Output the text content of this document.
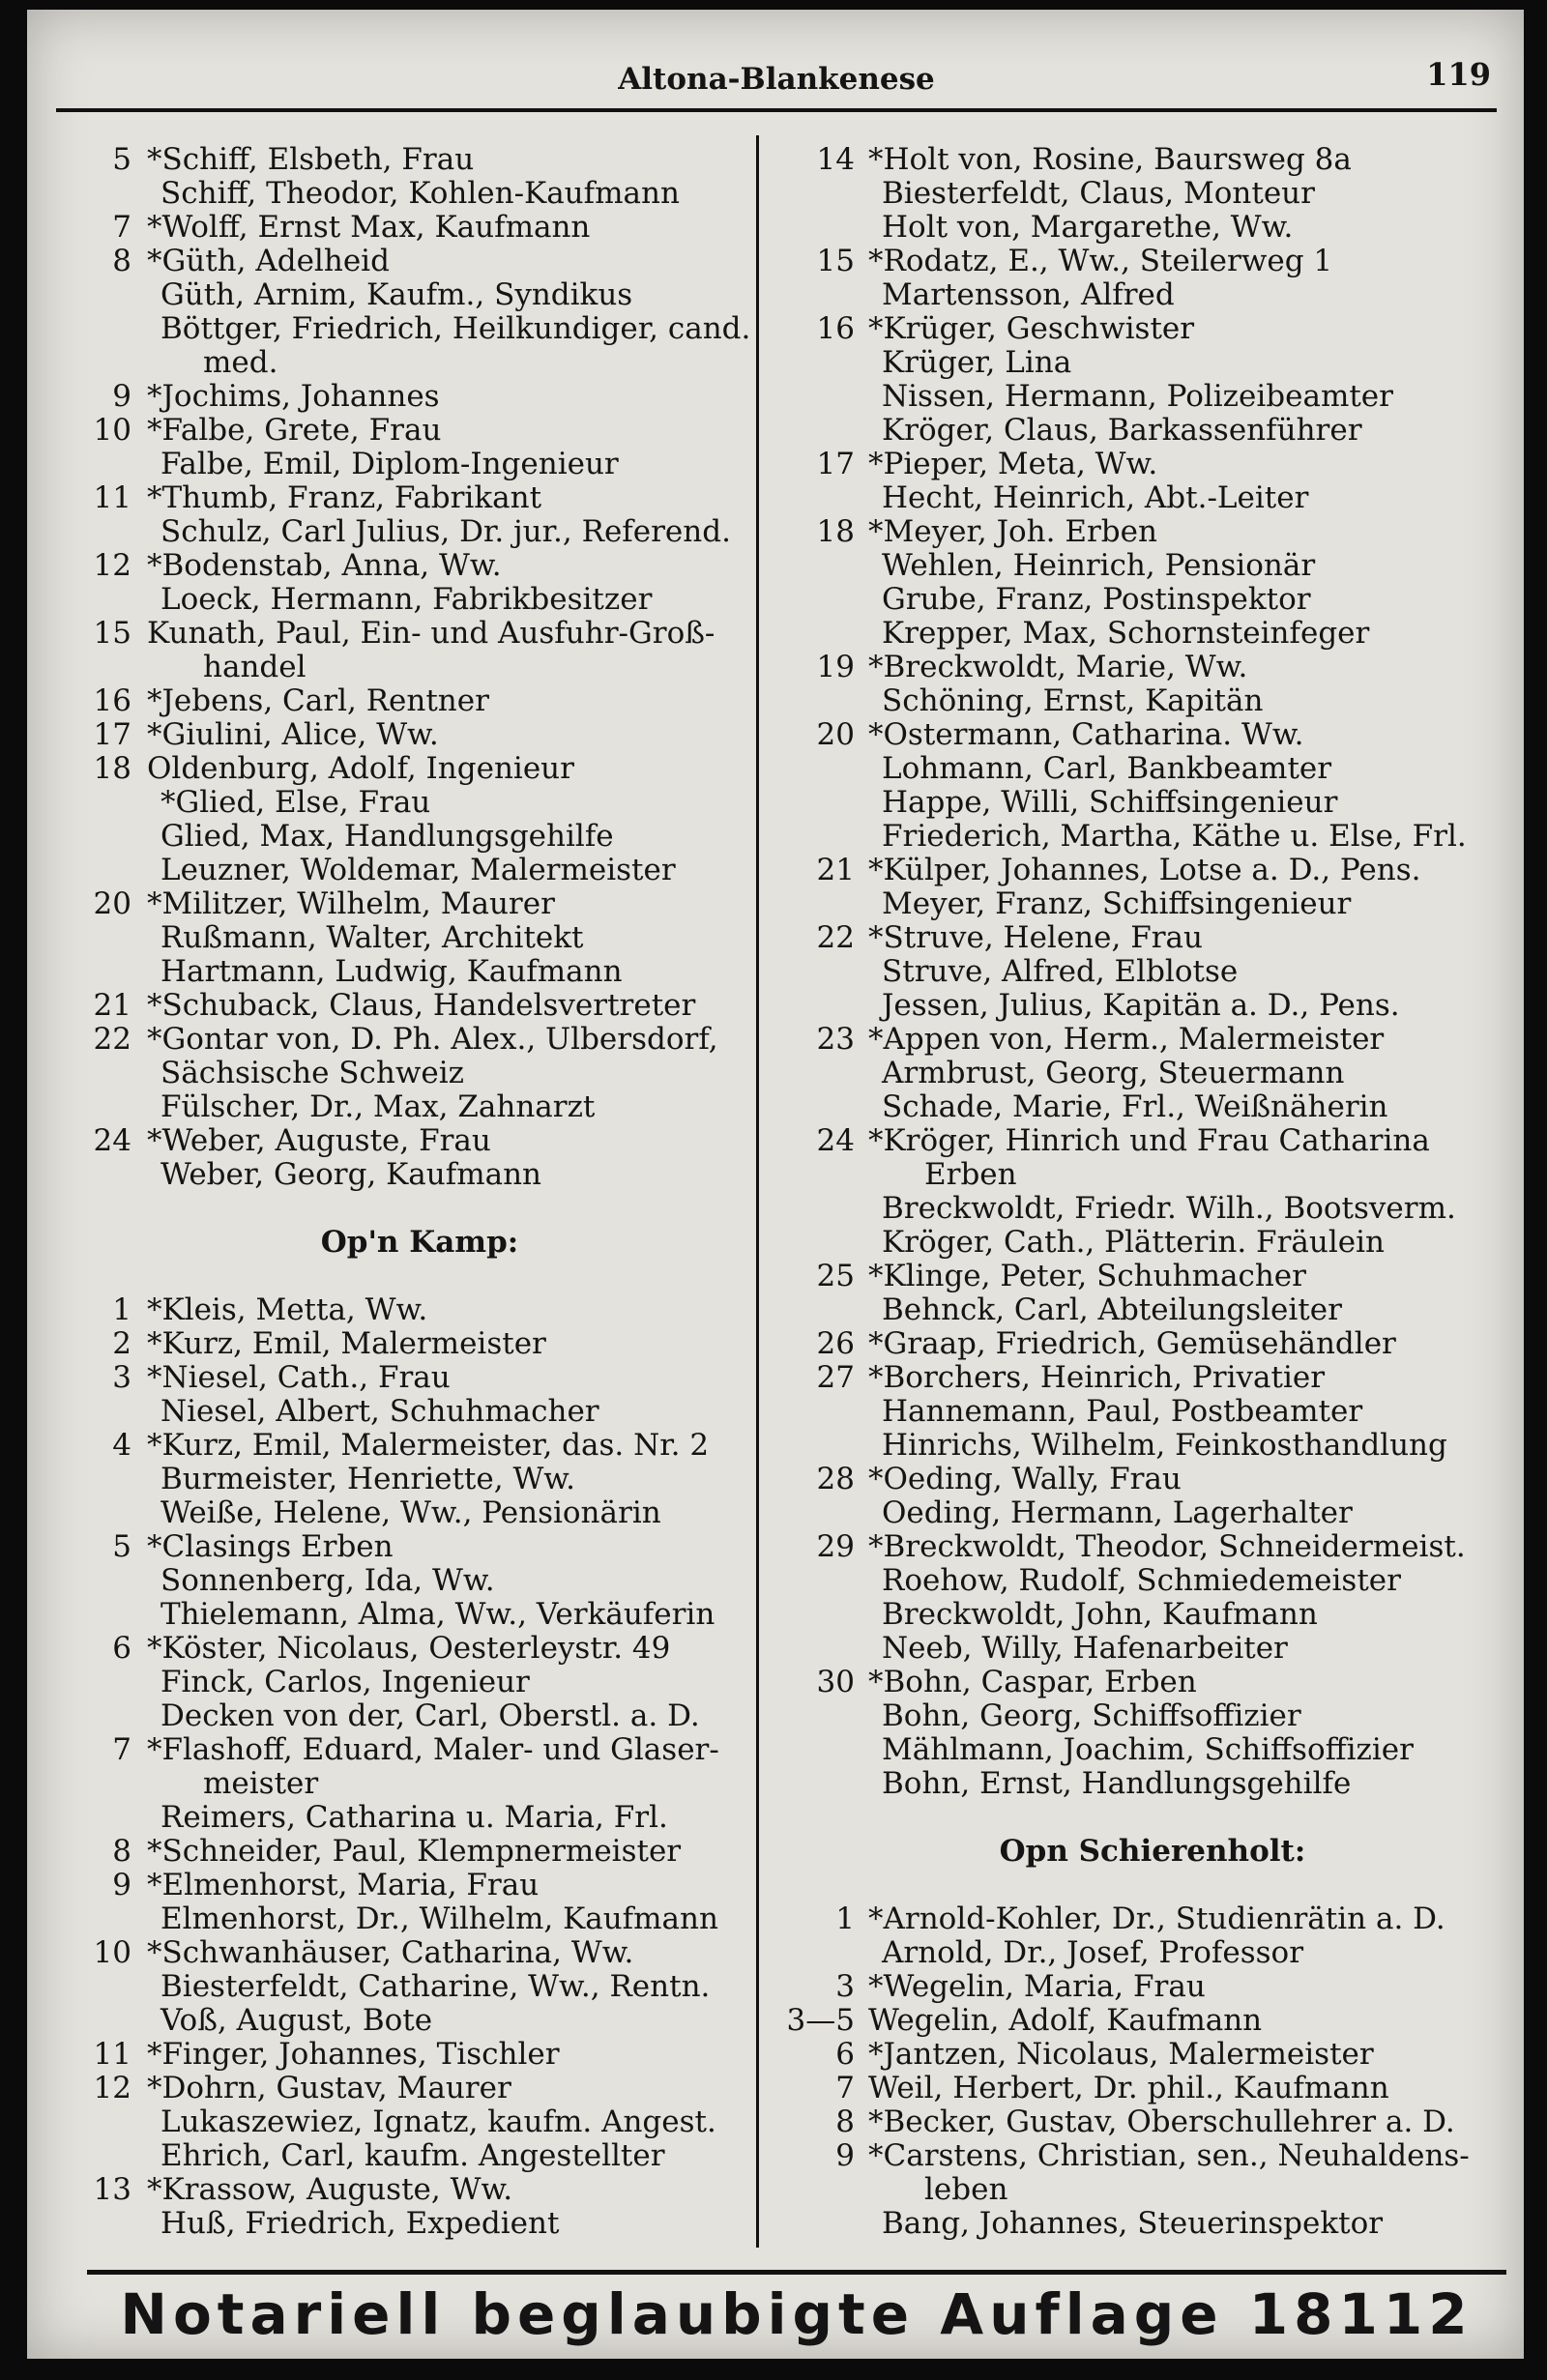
Altona-Blankenese	119
5 *Schiff, Elsbeth, Frau
Schiff, Theodor, Kohlen-Kaufmann
7 *Wolff, Ernst Max, Kaufmann
8 *Güth, Adelheid
Güth, Arnim, Kaufm., Syndikus
Böttger, Friedrich, Heilkundiger, cand.
med.
9 *Jochims, Johannes
10 *Falbe, Grete, Frau
Falbe, Emil, Diplom-Ingenieur
11 *Thumb, Franz, Fabrikant
Schulz, Carl Julius, Dr. jur., Referend.
12 *Bodenstab, Anna, Ww.
Loeck, Hermann, Fabrikbesitzer
15 Kunath, Paul, Ein- und Ausfuhr-Groß-
handel
16 *Jebens, Carl, Rentner
17 *Giulini, Alice, Ww.
18 Oldenburg, Adolf, Ingenieur
*Glied, Else, Frau
Glied, Max, Handlungsgehilfe
Leuzner, Woldemar, Malermeister
20 *Militzer, Wilhelm, Maurer
Rußmann, Walter, Architekt
Hartmann, Ludwig, Kaufmann
21 *Schuback, Claus, Handelsvertreter
22 *Gontar von, D. Ph. Alex., Ulbersdorf,
Sächsische Schweiz
Fülscher, Dr., Max, Zahnarzt
24 *Weber, Auguste, Frau
Weber, Georg, Kaufmann
Op'n Kamp:
1 *Kleis, Metta, Ww.
2 *Kurz, Emil, Malermeister
3 *Niesel, Cath., Frau
Niesel, Albert, Schuhmacher
4 *Kurz, Emil, Malermeister, das. Nr. 2
Burmeister, Henriette, Ww.
Weiße, Helene, Ww., Pensionärin
5 *Clasings Erben
Sonnenberg, Ida, Ww.
Thielemann, Alma, Ww., Verkäuferin
6 *Köster, Nicolaus, Oesterleystr. 49
Finck, Carlos, Ingenieur
Decken von der, Carl, Oberstl. a. D.
7 *Flashoff, Eduard, Maler- und Glaser-
meister
Reimers, Catharina u. Maria, Frl.
8 *Schneider, Paul, Klempnermeister
9 *Elmenhorst, Maria, Frau
Elmenhorst, Dr., Wilhelm, Kaufmann
10 *Schwanhäuser, Catharina, Ww.
Biesterfeldt, Catharine, Ww., Rentn.
Voß, August, Bote
11 *Finger, Johannes, Tischler
12 *Dohrn, Gustav, Maurer
Lukaszewiez, Ignatz, kaufm. Angest.
Ehrich, Carl, kaufm. Angestellter
13 *Krassow, Auguste, Ww.
Huß, Friedrich, Expedient
14 *Holt von, Rosine, Baursweg 8a
Biesterfeldt, Claus, Monteur
Holt von, Margarethe, Ww.
15 *Rodatz, E., Ww., Steilerweg 1
Martensson, Alfred
16 *Krüger, Geschwister
Krüger, Lina
Nissen, Hermann, Polizeibeamter
Kröger, Claus, Barkassenführer
17 *Pieper, Meta, Ww.
Hecht, Heinrich, Abt.-Leiter
18 *Meyer, Joh. Erben
Wehlen, Heinrich, Pensionär
Grube, Franz, Postinspektor
Krepper, Max, Schornsteinfeger
19 *Breckwoldt, Marie, Ww.
Schöning, Ernst, Kapitän
20 *Ostermann, Catharina. Ww.
Lohmann, Carl, Bankbeamter
Happe, Willi, Schiffsingenieur
Friederich, Martha, Käthe u. Else, Frl.
21 *Külper, Johannes, Lotse a. D., Pens.
Meyer, Franz, Schiffsingenieur
22 *Struve, Helene, Frau
Struve, Alfred, Elblotse
Jessen, Julius, Kapitän a. D., Pens.
23 *Appen von, Herm., Malermeister
Armbrust, Georg, Steuermann
Schade, Marie, Frl., Weißnäherin
24 *Kröger, Hinrich und Frau Catharina
Erben
Breckwoldt, Friedr. Wilh., Bootsverm.
Kröger, Cath., Plätterin. Fräulein
25 *Klinge, Peter, Schuhmacher
Behnck, Carl, Abteilungsleiter
26 *Graap, Friedrich, Gemüsehändler
27 *Borchers, Heinrich, Privatier
Hannemann, Paul, Postbeamter
Hinrichs, Wilhelm, Feinkosthandlung
28 *Oeding, Wally, Frau
Oeding, Hermann, Lagerhalter
29 *Breckwoldt, Theodor, Schneidermeist.
Roehow, Rudolf, Schmiedemeister
Breckwoldt, John, Kaufmann
Neeb, Willy, Hafenarbeiter
30 *Bohn, Caspar, Erben
Bohn, Georg, Schiffsoffizier
Mählmann, Joachim, Schiffsoffizier
Bohn, Ernst, Handlungsgehilfe
Opn Schierenholt:
1 *Arnold-Kohler, Dr., Studienrätin a. D.
Arnold, Dr., Josef, Professor
3 *Wegelin, Maria, Frau
3—5 Wegelin, Adolf, Kaufmann
6 *Jantzen, Nicolaus, Malermeister
7 Weil, Herbert, Dr. phil., Kaufmann
8 *Becker, Gustav, Oberschullehrer a. D.
9 *Carstens, Christian, sen., Neuhaldens-
leben
Bang, Johannes, Steuerinspektor
Notariell beglaubigte Auflage 18112
